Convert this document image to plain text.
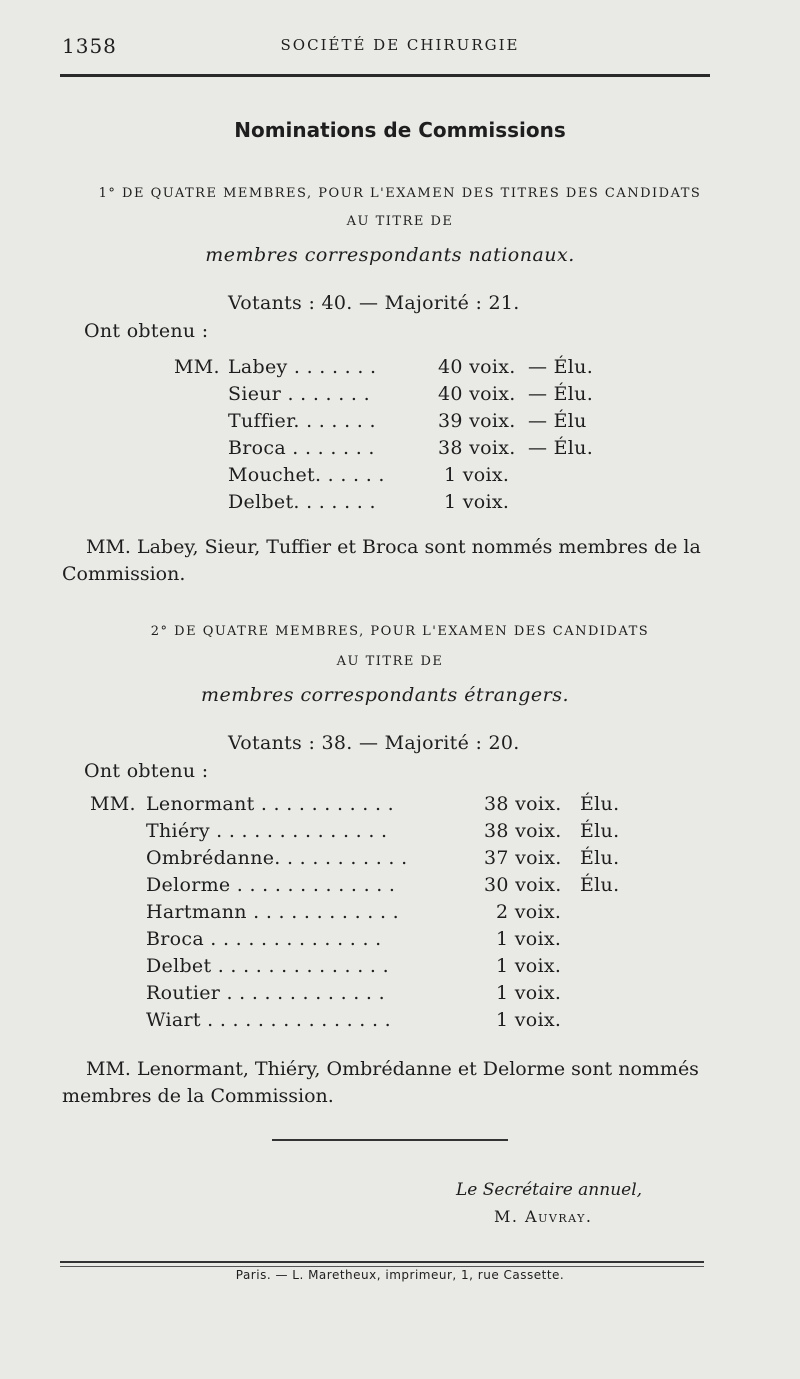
1358	SOCIÉTÉ DE CHIRURGIE
Nominations de Commissions
1° DE QUATRE MEMBRES, POUR L'EXAMEN DES TITRES DES CANDIDATS
AU TITRE DE
membres correspondants nationaux.
Votants : 40. — Majorité : 21.
Ont obtenu :
MM. Labey . . . . . . .	40 voix. — Élu.
Sieur . . . . . . .	40 voix. — Élu.
Tuffier. . . . . . .	39 voix. — Élu
Broca . . . . . . .	38 voix. — Élu.
Mouchet. . . . . .	1 voix.
Delbet. . . . . . .	1 voix.
MM. Labey, Sieur, Tuffier et Broca sont nommés membres de la Commission.
2° DE QUATRE MEMBRES, POUR L'EXAMEN DES CANDIDATS
AU TITRE DE
membres correspondants étrangers.
Votants : 38. — Majorité : 20.
Ont obtenu :
MM. Lenormant . . . . . . . . . . .	38 voix. Élu.
Thiéry . . . . . . . . . . . . . .	38 voix. Élu.
Ombrédanne. . . . . . . . . . .	37 voix. Élu.
Delorme . . . . . . . . . . . . .	30 voix. Élu.
Hartmann . . . . . . . . . . . .	2 voix.
Broca . . . . . . . . . . . . . .	1 voix.
Delbet . . . . . . . . . . . . . .	1 voix.
Routier . . . . . . . . . . . . .	1 voix.
Wiart . . . . . . . . . . . . . . .	1 voix.
MM. Lenormant, Thiéry, Ombrédanne et Delorme sont nommés membres de la Commission.
Le Secrétaire annuel,
M. Auvray.
Paris. — L. Maretheux, imprimeur, 1, rue Cassette.
